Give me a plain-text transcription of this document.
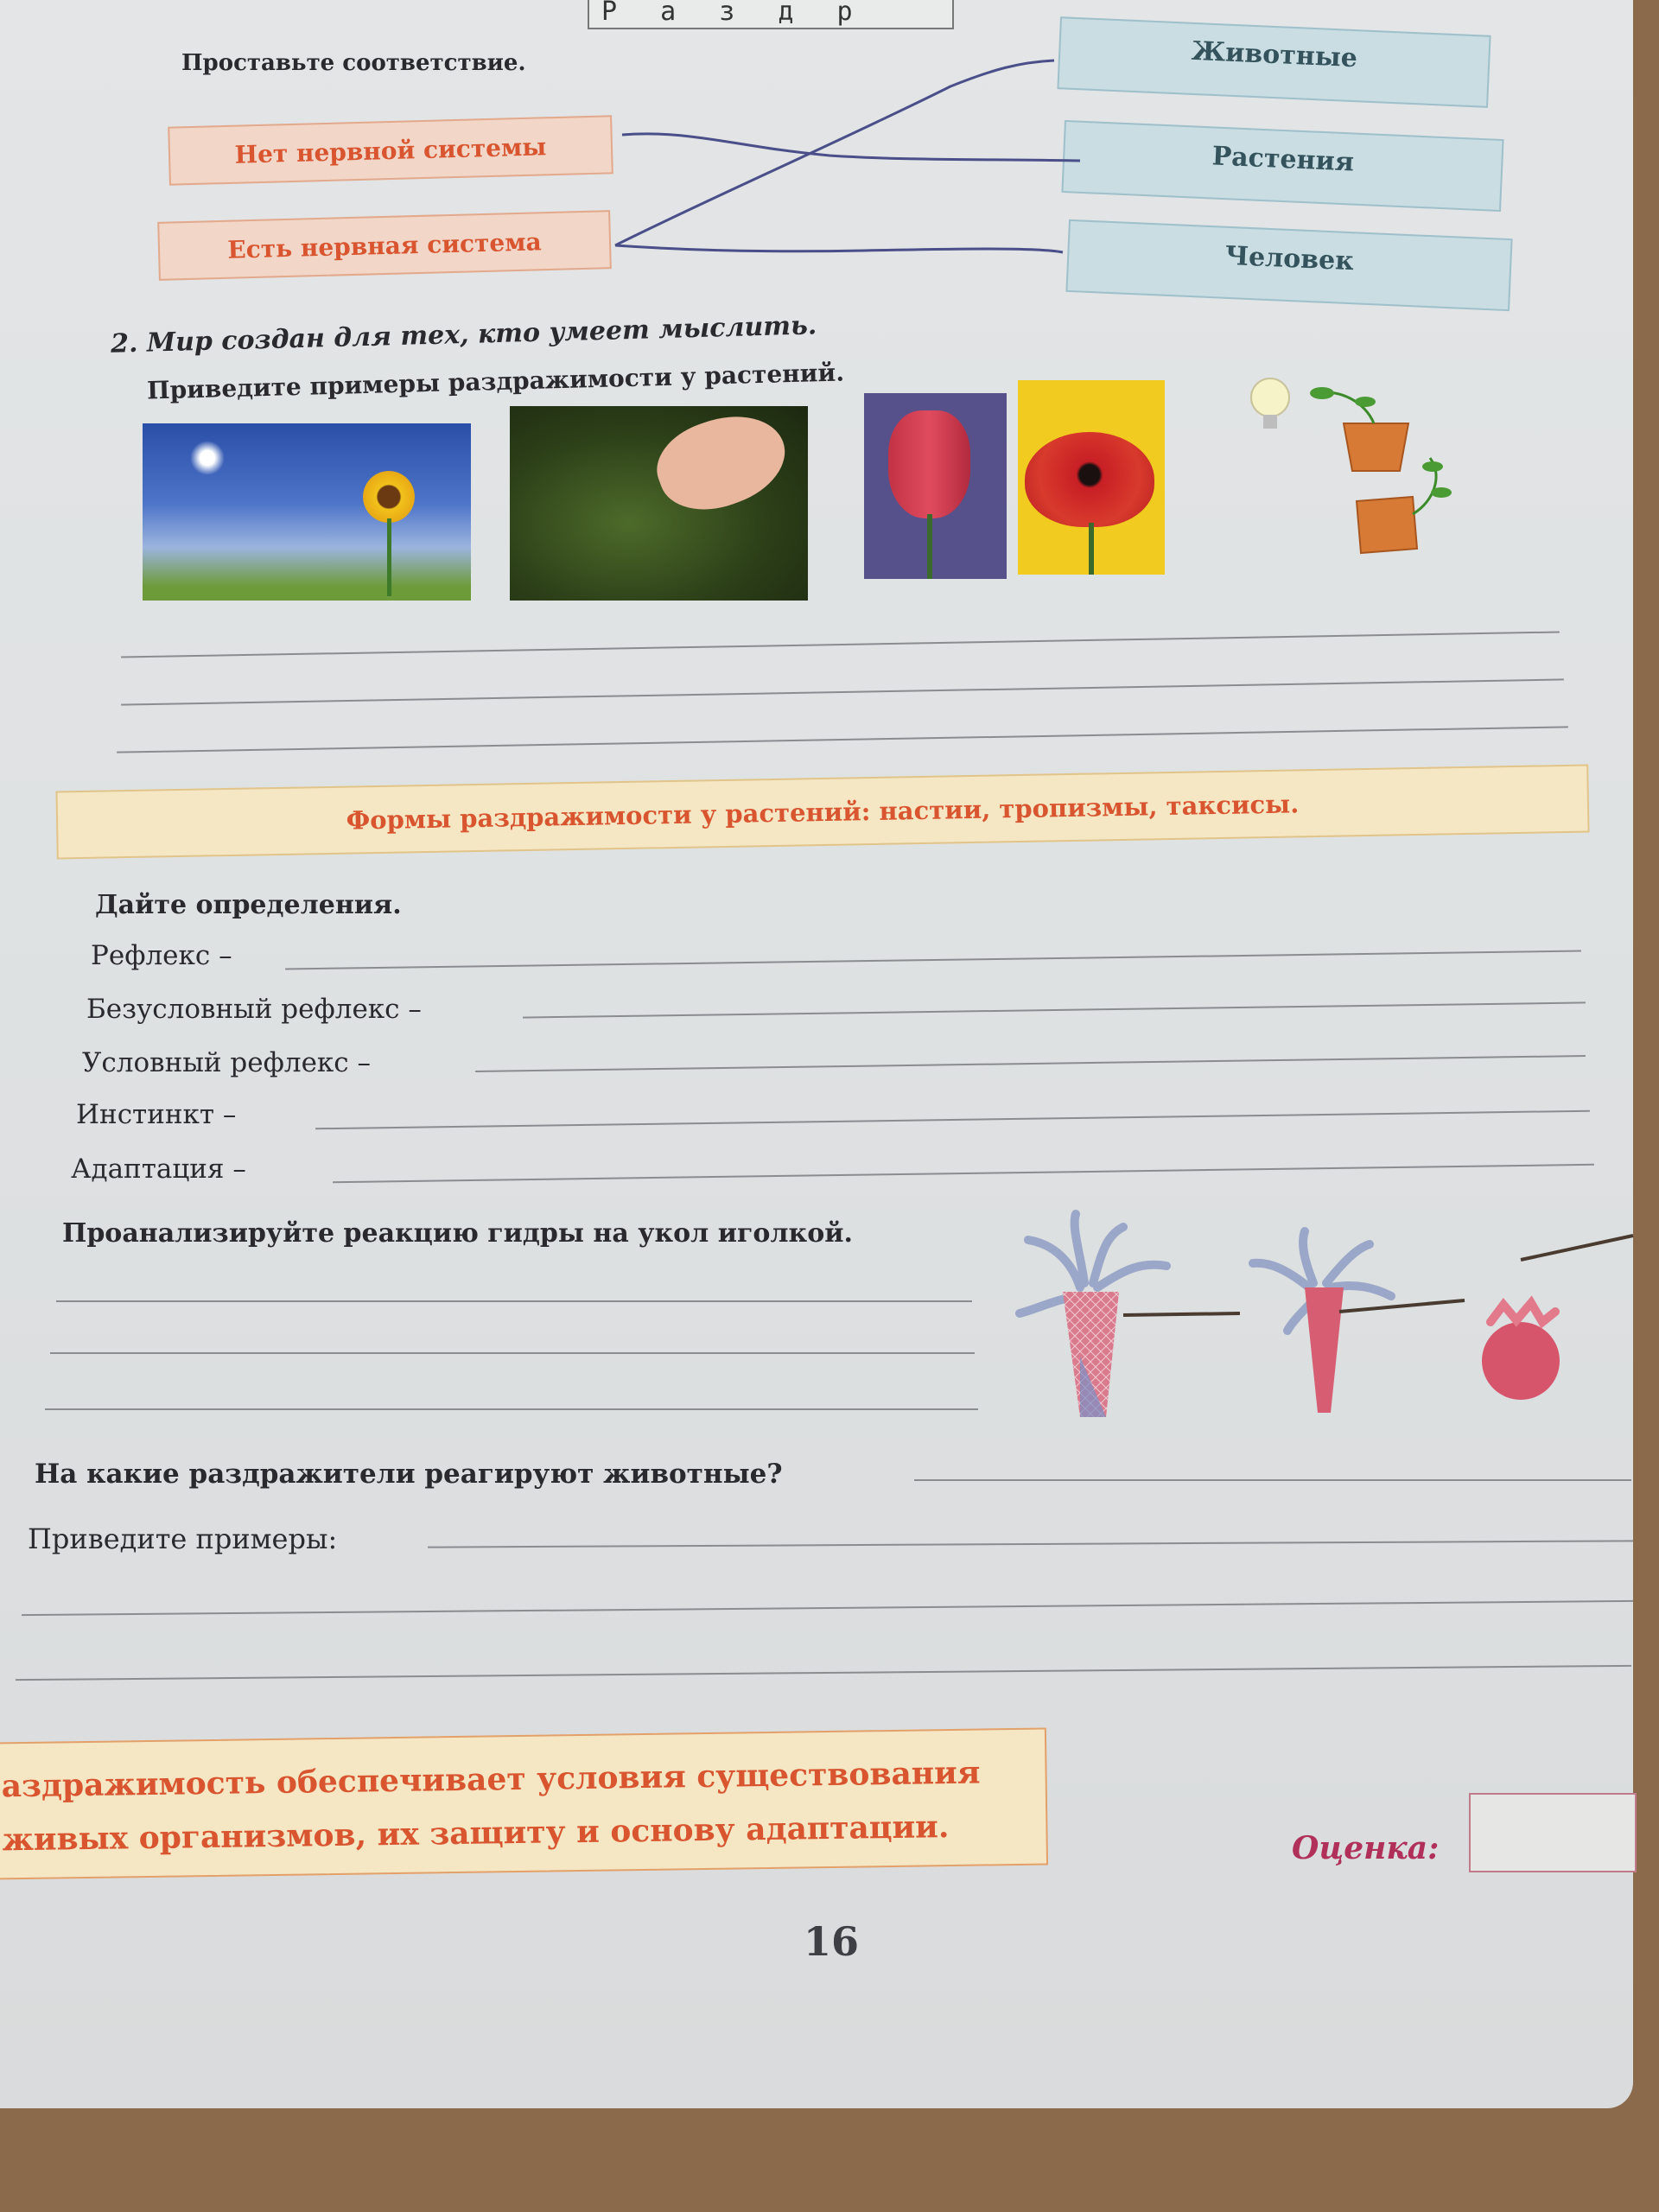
Р а з д р
Проставьте соответствие.
Нет нервной системы
Есть нервная система
Животные
Растения
Человек
2. Мир создан для тех, кто умеет мыслить.
Приведите примеры раздражимости у растений.
Формы раздражимости у растений: настии, тропизмы, таксисы.
Дайте определения.
Рефлекс –
Безусловный рефлекс –
Условный рефлекс –
Инстинкт –
Адаптация –
Проанализируйте реакцию гидры на укол иголкой.
На какие раздражители реагируют животные?
Приведите примеры:
аздражимость обеспечивает условия существования
живых организмов, их защиту и основу адаптации.	Оценка:
16
